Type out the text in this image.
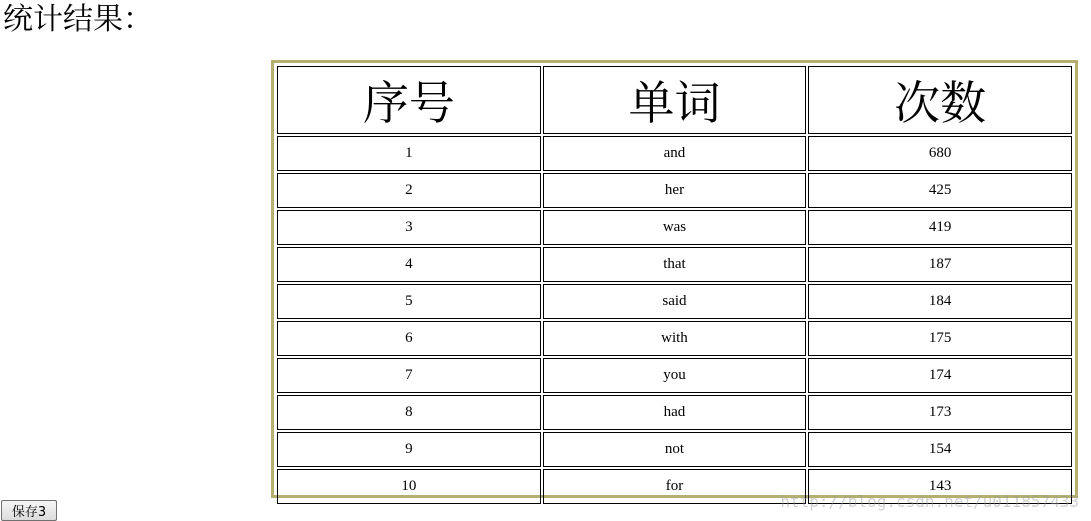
统计结果：
序号	单词	次数
1	and	680
2	her	425
3	was	419
4	that	187
5	said	184
6	with	175
7	you	174
8	had	173
9	not	154
10	for	143
保存3
http://blog.csdn.net/u011857433
